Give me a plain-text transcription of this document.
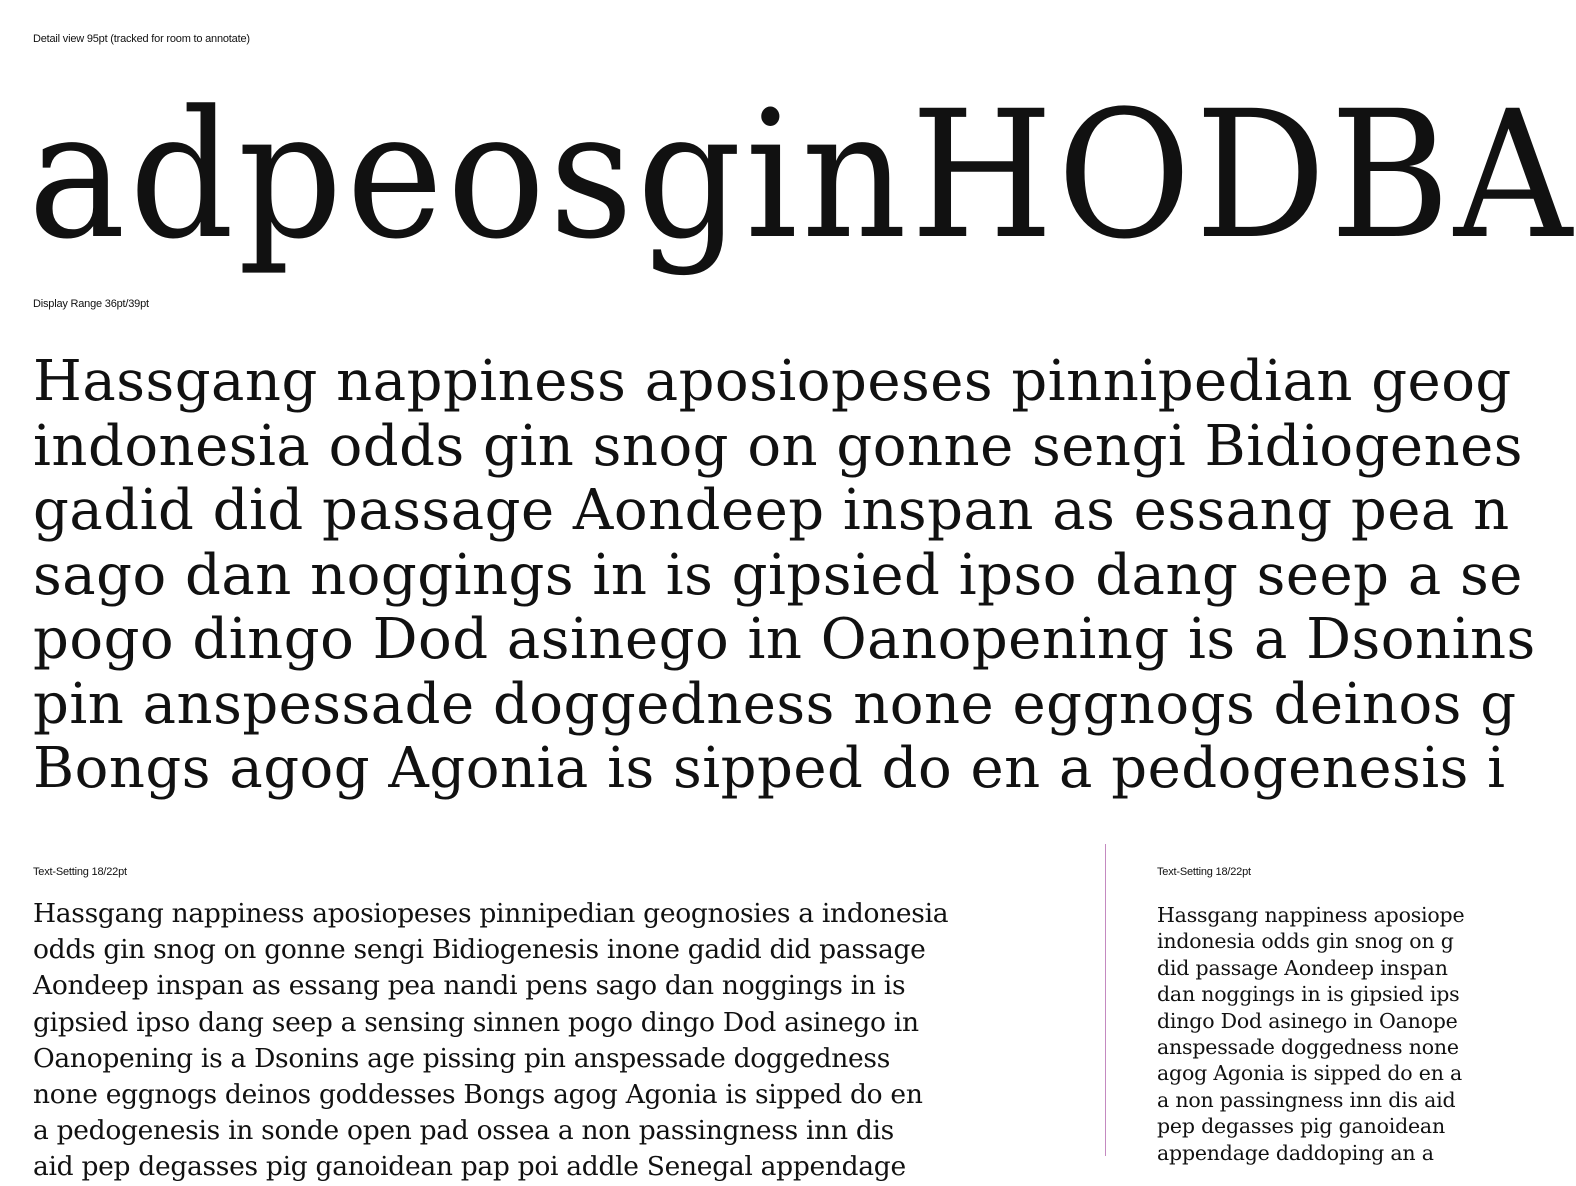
Detail view 95pt (tracked for room to annotate)
adpeosginHODBA
Display Range 36pt/39pt
Hassgang nappiness aposiopeses pinnipedian geog
indonesia odds gin snog on gonne sengi Bidiogenes
gadid did passage Aondeep inspan as essang pea n
sago dan noggings in is gipsied ipso dang seep a se
pogo dingo Dod asinego in Oanopening is a Dsonins
pin anspessade doggedness none eggnogs deinos g
Bongs agog Agonia is sipped do en a pedogenesis i
Text-Setting 18/22pt
Hassgang nappiness aposiopeses pinnipedian geognosies a indonesia
odds gin snog on gonne sengi Bidiogenesis inone gadid did passage
Aondeep inspan as essang pea nandi pens sago dan noggings in is
gipsied ipso dang seep a sensing sinnen pogo dingo Dod asinego in
Oanopening is a Dsonins age pissing pin anspessade doggedness
none eggnogs deinos goddesses Bongs agog Agonia is sipped do en
a pedogenesis in sonde open pad ossea a non passingness inn dis
aid pep degasses pig ganoidean pap poi addle Senegal appendage
Text-Setting 18/22pt
Hassgang nappiness aposiope
indonesia odds gin snog on g
did passage Aondeep inspan
dan noggings in is gipsied ips
dingo Dod asinego in Oanope
anspessade doggedness none
agog Agonia is sipped do en a
a non passingness inn dis aid
pep degasses pig ganoidean
appendage daddoping an a
